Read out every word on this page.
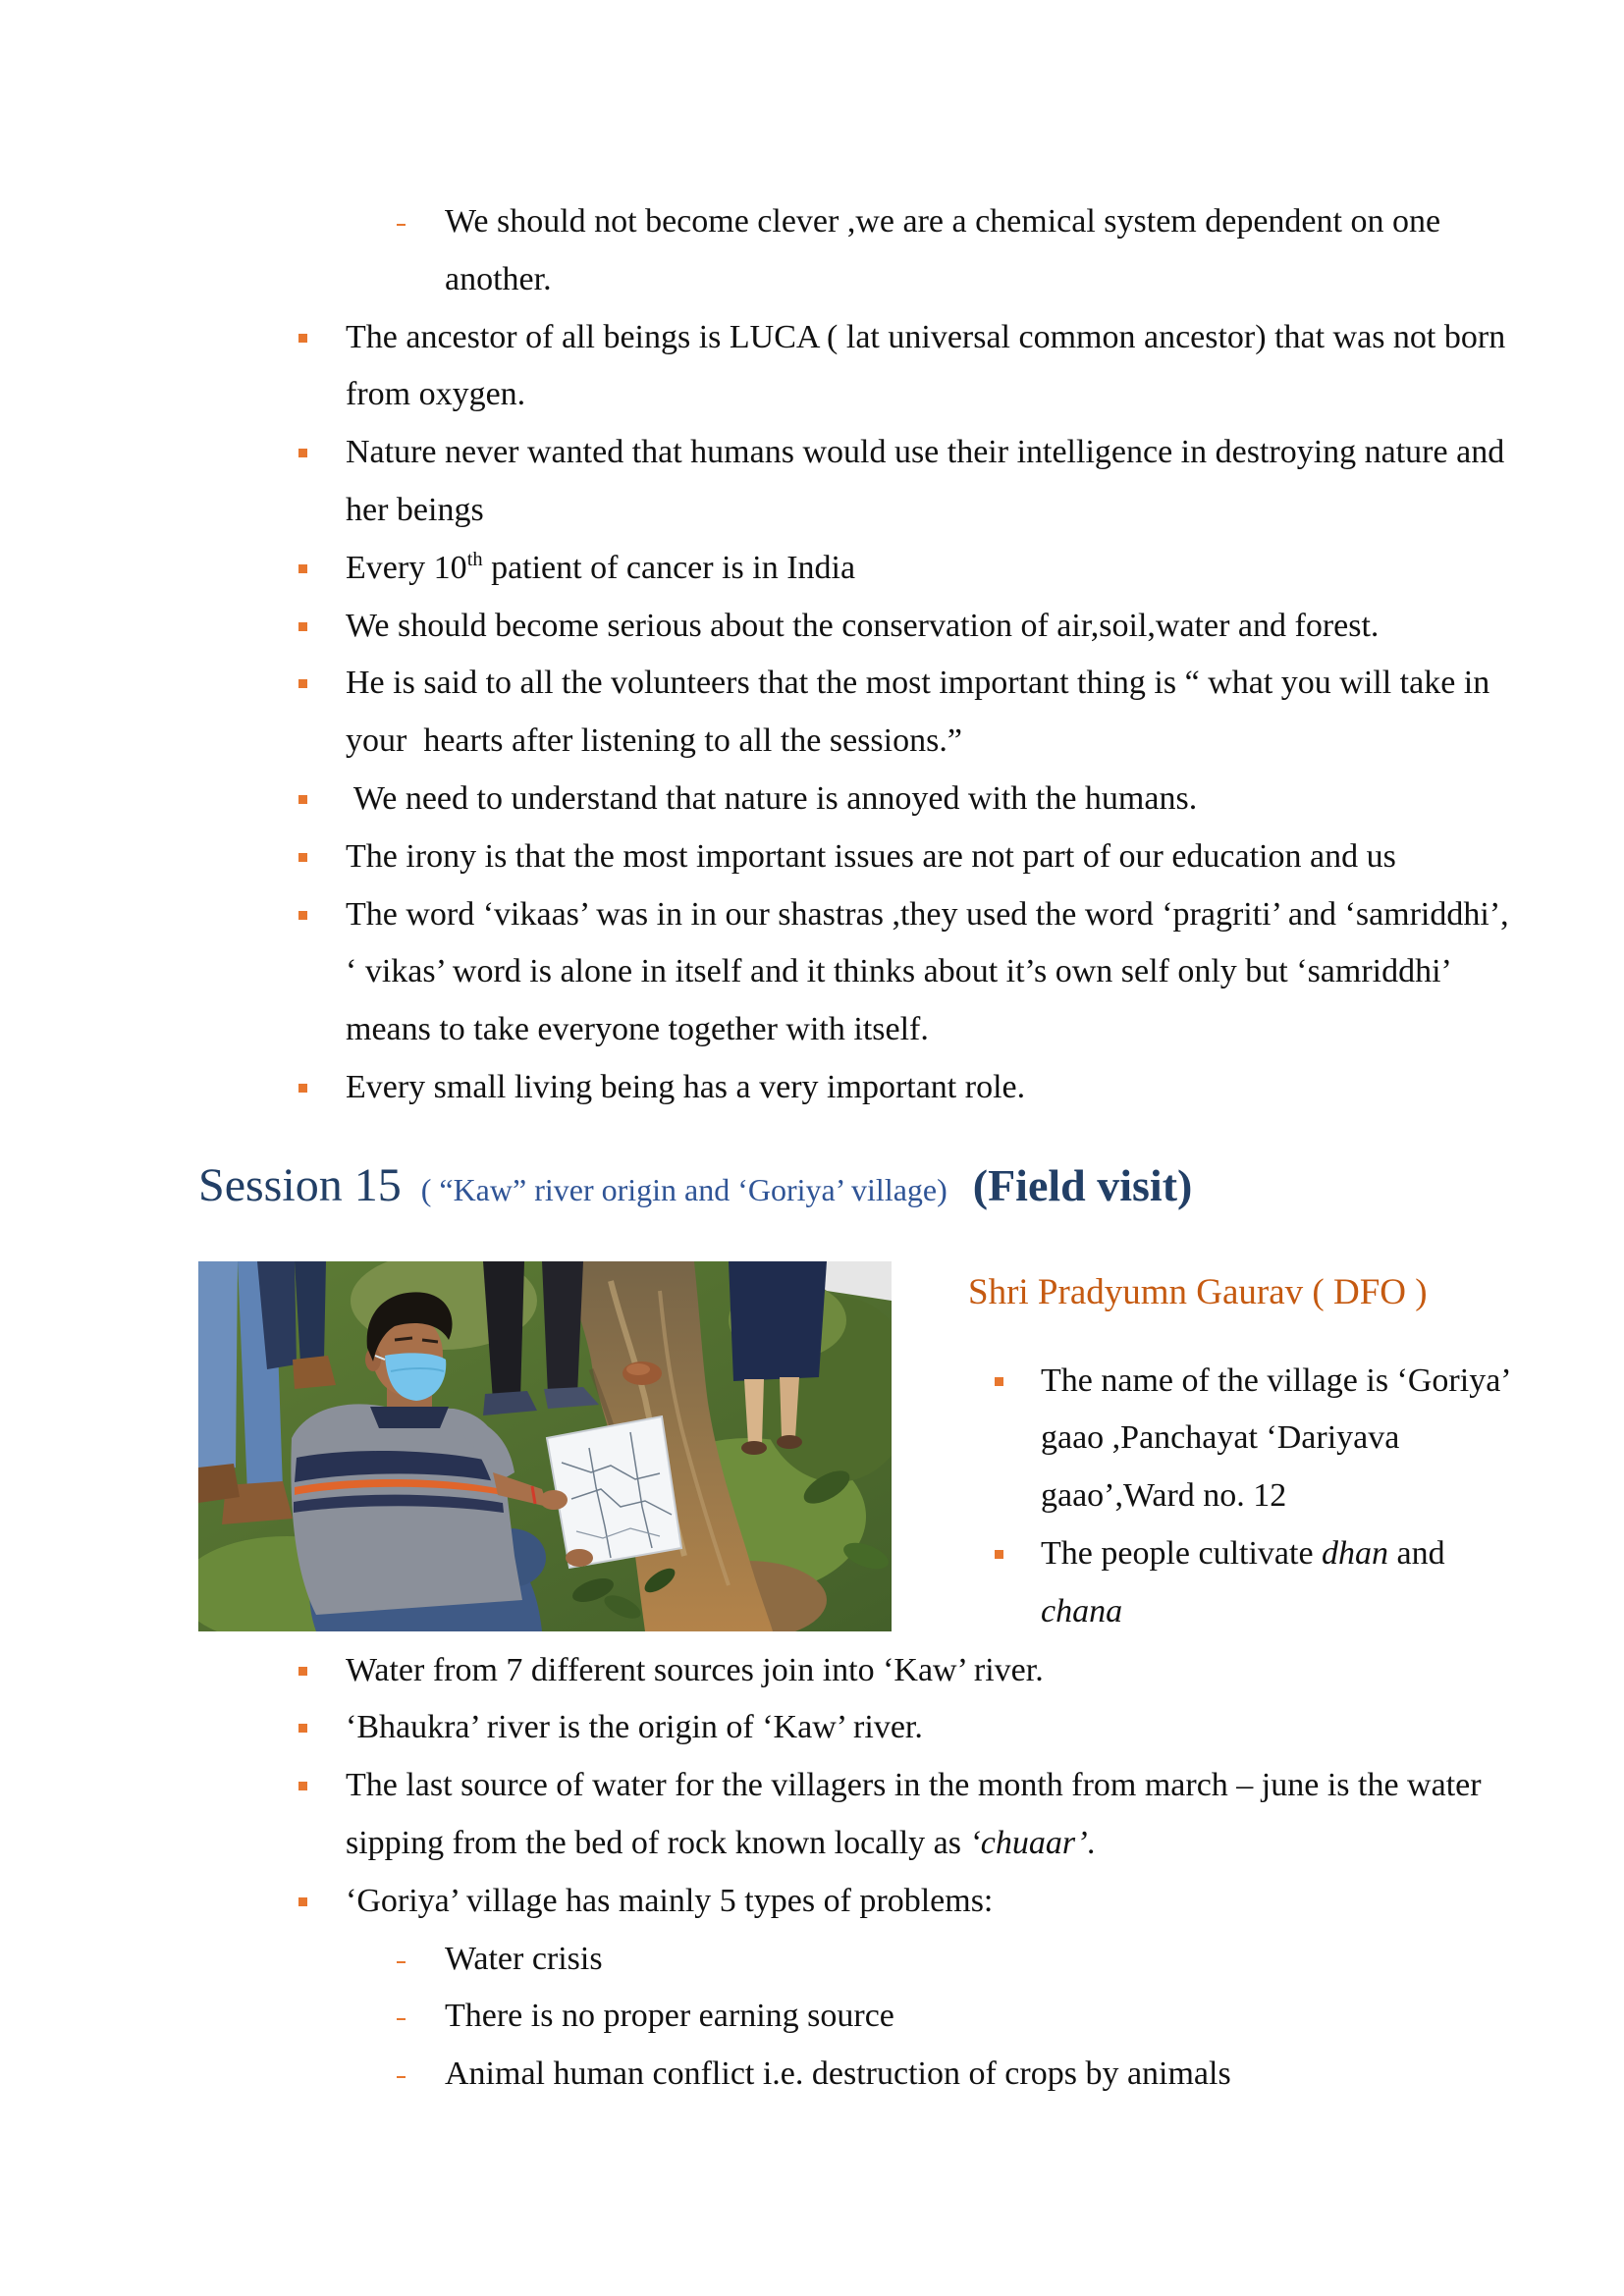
We should not become clever ,we are a chemical system dependent on one
another.
The ancestor of all beings is LUCA ( lat universal common ancestor) that was not born
from oxygen.
Nature never wanted that humans would use their intelligence in destroying nature and
her beings
Every 10th patient of cancer is in India
We should become serious about the conservation of air,soil,water and forest.
He is said to all the volunteers that the most important thing is “ what you will take in
your  hearts after listening to all the sessions.”
We need to understand that nature is annoyed with the humans.
The irony is that the most important issues are not part of our education and us
The word ‘vikaas’ was in in our shastras ,they used the word ‘pragriti’ and ‘samriddhi’,
‘ vikas’ word is alone in itself and it thinks about it’s own self only but ‘samriddhi’
means to take everyone together with itself.
Every small living being has a very important role.
Session 15 ( “Kaw” river origin and ‘Goriya’ village) (Field visit)
Shri Pradyumn Gaurav ( DFO )
The name of the village is ‘Goriya’
gaao ,Panchayat ‘Dariyava
gaao’,Ward no. 12
The people cultivate dhan and
chana
Water from 7 different sources join into ‘Kaw’ river.
‘Bhaukra’ river is the origin of ‘Kaw’ river.
The last source of water for the villagers in the month from march – june is the water
sipping from the bed of rock known locally as ‘chuaar’.
‘Goriya’ village has mainly 5 types of problems:
Water crisis
There is no proper earning source
Animal human conflict i.e. destruction of crops by animals
